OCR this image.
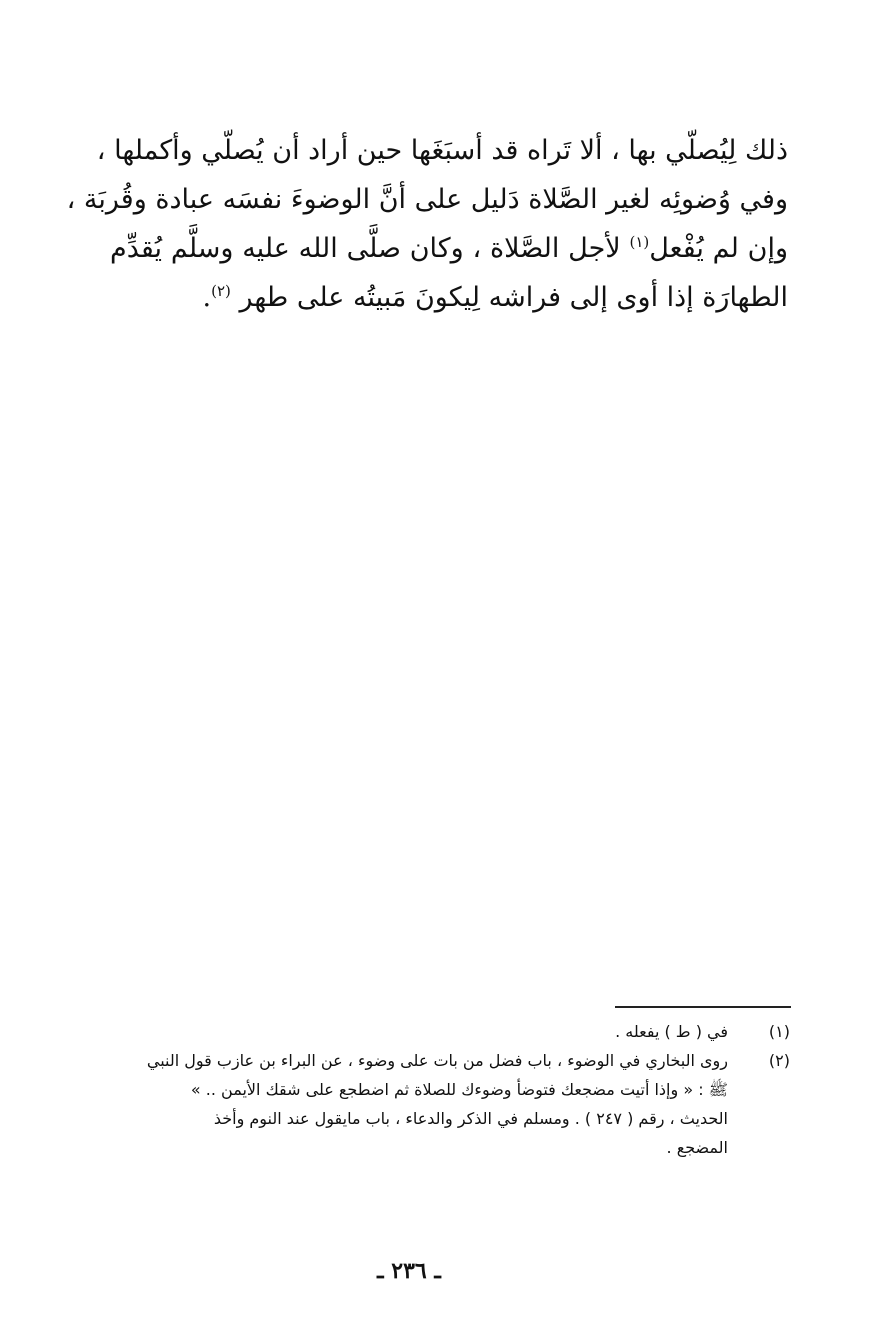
ذلك لِيُصلّي بها ، ألا تَراه قد أسبَغَها حين أراد أن يُصلّي وأكملها ،
وفي وُضوئِه لغير الصَّلاة دَليل على أنَّ الوضوءَ نفسَه عبادة وقُربَة ،
وإن لم يُفْعل$^{(١)}$ لأجل الصَّلاة ، وكان صلَّى الله عليه وسلَّم يُقدِّم
الطهارَة إذا أوى إلى فراشه لِيكونَ مَبيتُه على طهر $^{(٢)}$.
(١)
في ( ط ) يفعله .
(٢)
روى البخاري في الوضوء ، باب فضل من بات على وضوء ، عن البراء بن عازب قول النبي
ﷺ : « وإذا أتيت مضجعك فتوضأ وضوءك للصلاة ثم اضطجع على شقك الأيمن .. »
الحديث ، رقم ( ٢٤٧ ) . ومسلم في الذكر والدعاء ، باب مايقول عند النوم وأخذ
المضجع .
ـ ٢٣٦ ـ
